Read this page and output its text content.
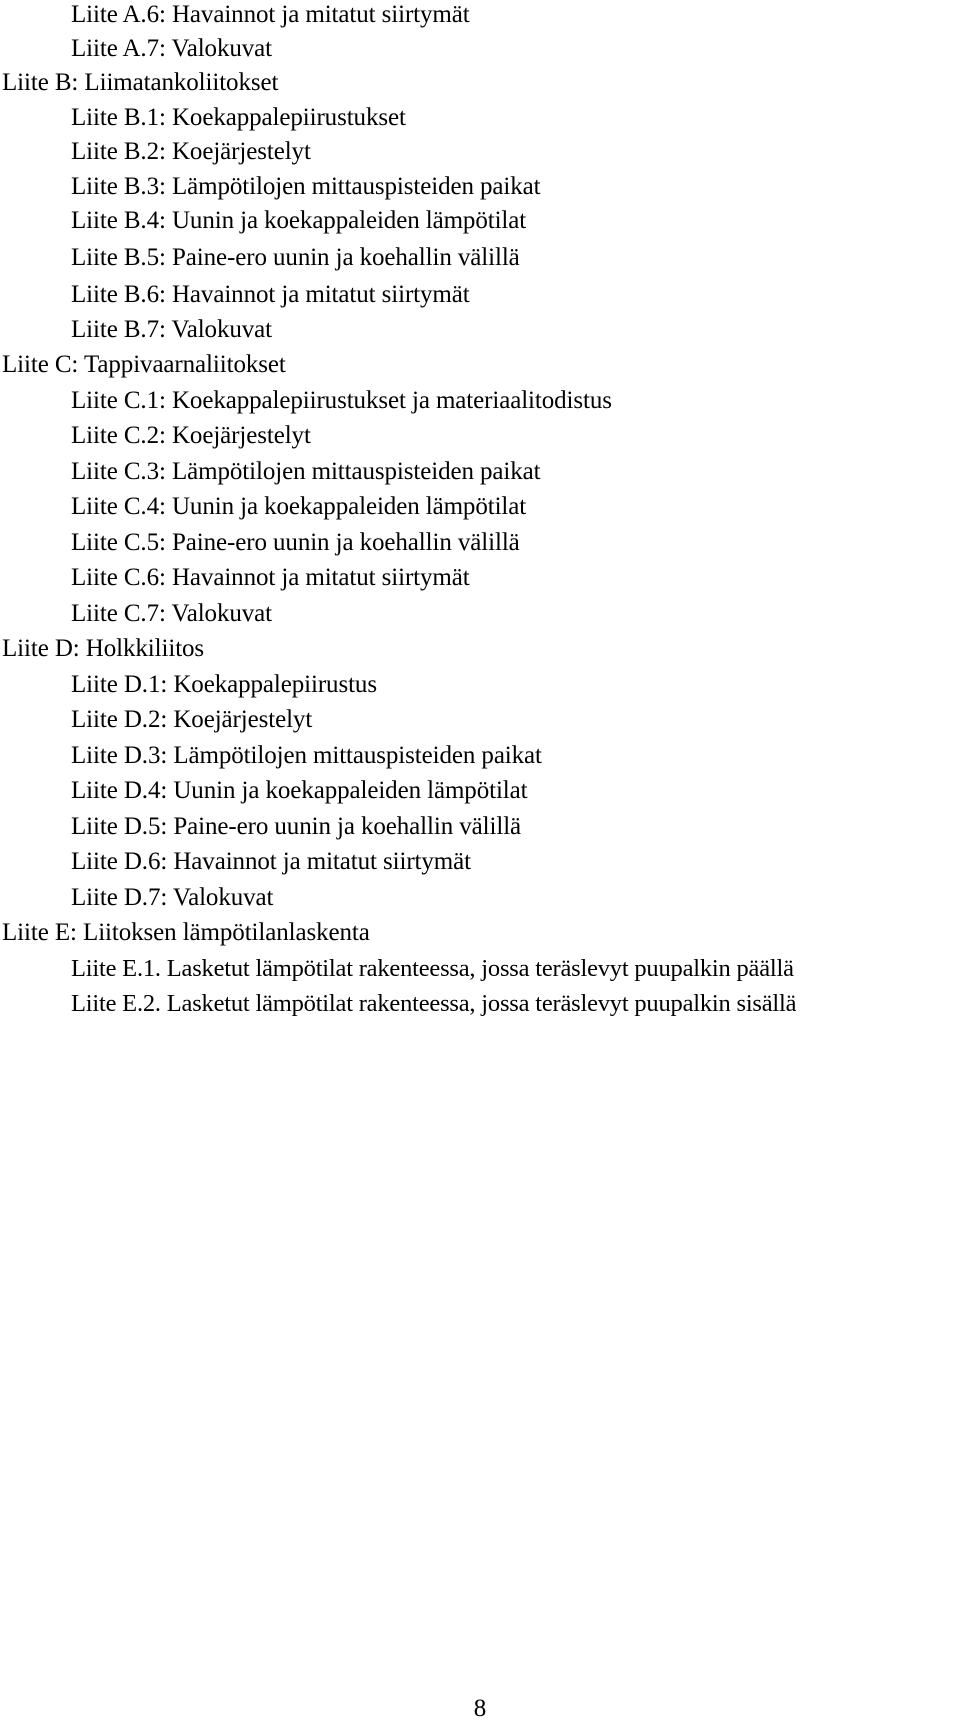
Liite A.6: Havainnot ja mitatut siirtymät
Liite A.7: Valokuvat
Liite B: Liimatankoliitokset
Liite B.1: Koekappalepiirustukset
Liite B.2: Koejärjestelyt
Liite B.3: Lämpötilojen mittauspisteiden paikat
Liite B.4: Uunin ja koekappaleiden lämpötilat
Liite B.5: Paine-ero uunin ja koehallin välillä
Liite B.6: Havainnot ja mitatut siirtymät
Liite B.7: Valokuvat
Liite C: Tappivaarnaliitokset
Liite C.1: Koekappalepiirustukset ja materiaalitodistus
Liite C.2: Koejärjestelyt
Liite C.3: Lämpötilojen mittauspisteiden paikat
Liite C.4: Uunin ja koekappaleiden lämpötilat
Liite C.5: Paine-ero uunin ja koehallin välillä
Liite C.6: Havainnot ja mitatut siirtymät
Liite C.7: Valokuvat
Liite D: Holkkiliitos
Liite D.1: Koekappalepiirustus
Liite D.2: Koejärjestelyt
Liite D.3: Lämpötilojen mittauspisteiden paikat
Liite D.4: Uunin ja koekappaleiden lämpötilat
Liite D.5: Paine-ero uunin ja koehallin välillä
Liite D.6: Havainnot ja mitatut siirtymät
Liite D.7: Valokuvat
Liite E: Liitoksen lämpötilanlaskenta
Liite E.1. Lasketut lämpötilat rakenteessa, jossa teräslevyt puupalkin päällä
Liite E.2. Lasketut lämpötilat rakenteessa, jossa teräslevyt puupalkin sisällä
8
